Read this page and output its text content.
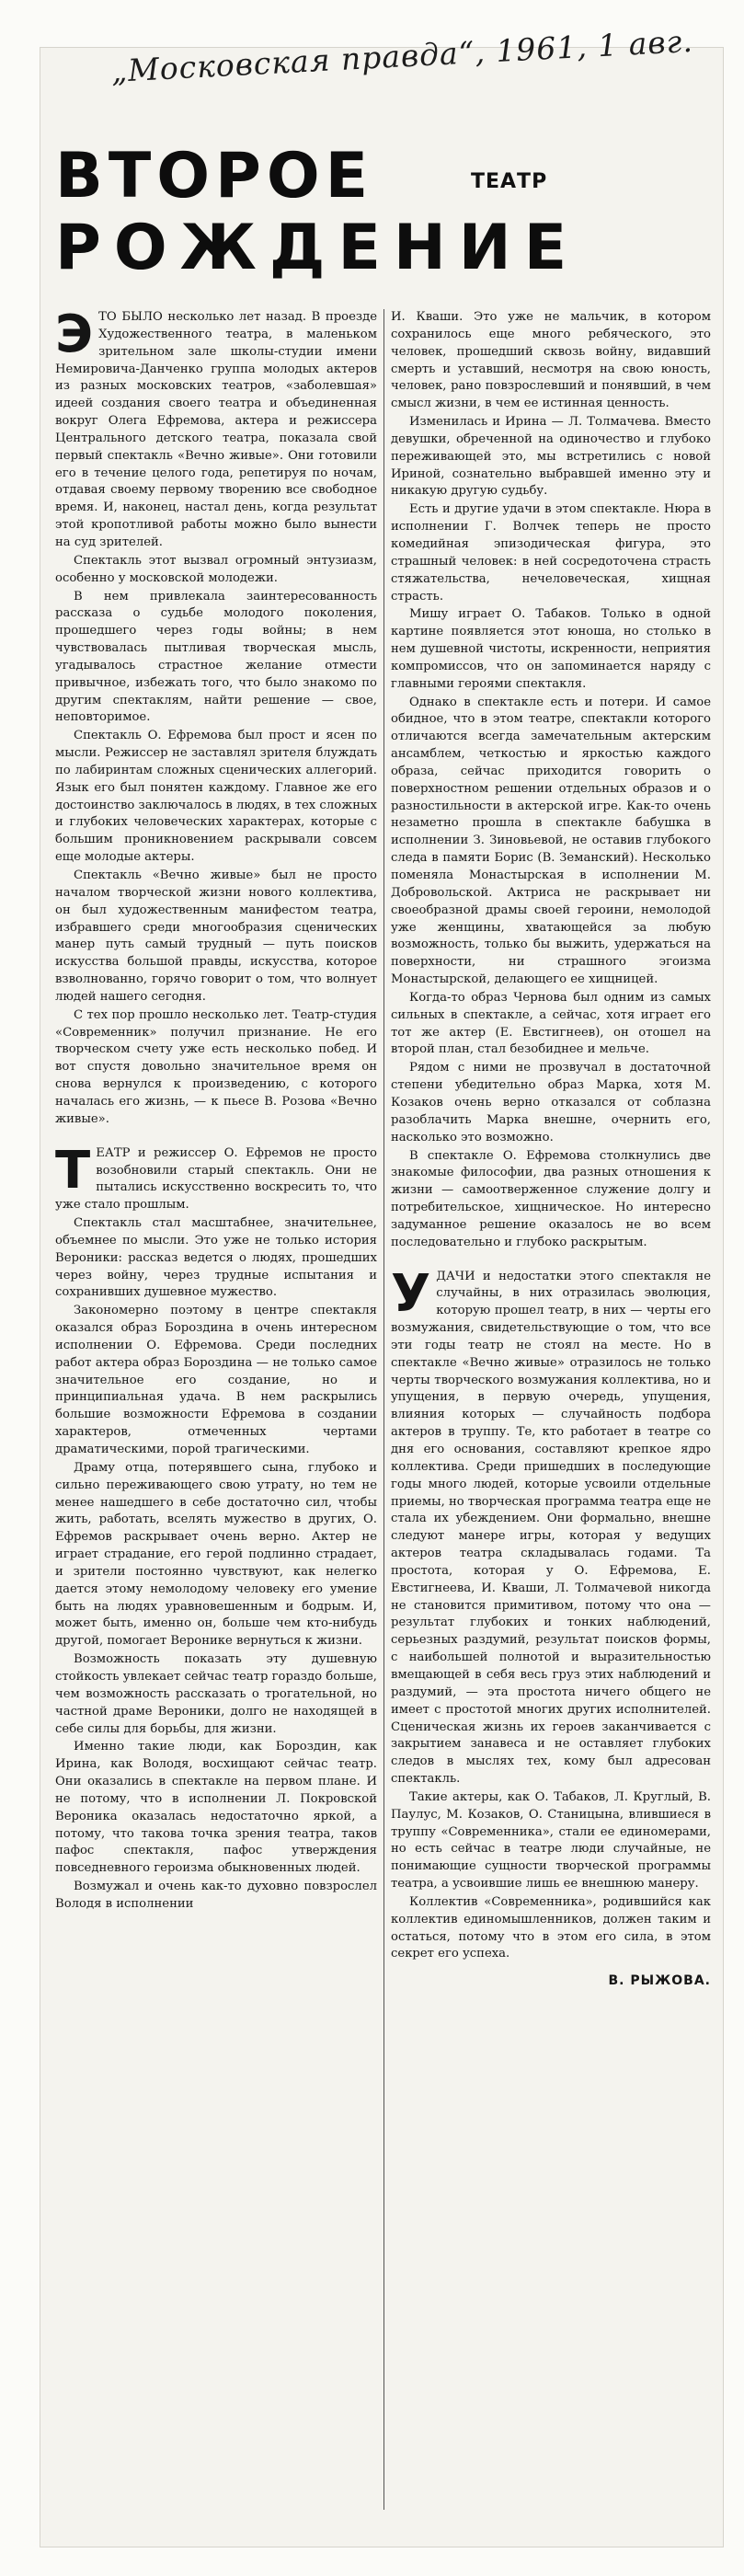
„Московская правда“, 1961, 1 авг.
ВТОРОЕ
РОЖДЕНИЕ
ТЕАТР

ЭТО БЫЛО несколько лет назад. В проезде Художественного театра, в маленьком зрительном зале школы-студии имени Немировича-Данченко группа молодых актеров из разных московских театров, «заболевшая» идеей создания своего театра и объединенная вокруг Олега Ефремова, актера и режиссера Центрального детского театра, показала свой первый спектакль «Вечно живые». Они готовили его в течение целого года, репетируя по ночам, отдавая своему первому творению все свободное время. И, наконец, настал день, когда результат этой кропотливой работы можно было вынести на суд зрителей.

Спектакль этот вызвал огромный энтузиазм, особенно у московской молодежи.

В нем привлекала заинтересованность рассказа о судьбе молодого поколения, прошедшего через годы войны; в нем чувствовалась пытливая творческая мысль, угадывалось страстное желание отмести привычное, избежать того, что было знакомо по другим спектаклям, найти решение — свое, неповторимое.

Спектакль О. Ефремова был прост и ясен по мысли. Режиссер не заставлял зрителя блуждать по лабиринтам сложных сценических аллегорий. Язык его был понятен каждому. Главное же его достоинство заключалось в людях, в тех сложных и глубоких человеческих характерах, которые с большим проникновением раскрывали совсем еще молодые актеры.

Спектакль «Вечно живые» был не просто началом творческой жизни нового коллектива, он был художественным манифестом театра, избравшего среди многообразия сценических манер путь самый трудный — путь поисков искусства большой правды, искусства, которое взволнованно, горячо говорит о том, что волнует людей нашего сегодня.

С тех пор прошло несколько лет. Театр-студия «Современник» получил признание. Не его творческом счету уже есть несколько побед. И вот спустя довольно значительное время он снова вернулся к произведению, с которого началась его жизнь, — к пьесе В. Розова «Вечно живые».

ТЕАТР и режиссер О. Ефремов не просто возобновили старый спектакль. Они не пытались искусственно воскресить то, что уже стало прошлым.

Спектакль стал масштабнее, значительнее, объемнее по мысли. Это уже не только история Вероники: рассказ ведется о людях, прошедших через войну, через трудные испытания и сохранивших душевное мужество.

Закономерно поэтому в центре спектакля оказался образ Бороздина в очень интересном исполнении О. Ефремова. Среди последних работ актера образ Бороздина — не только самое значительное его создание, но и принципиальная удача. В нем раскрылись большие возможности Ефремова в создании характеров, отмеченных чертами драматическими, порой трагическими.

Драму отца, потерявшего сына, глубоко и сильно переживающего свою утрату, но тем не менее нашедшего в себе достаточно сил, чтобы жить, работать, вселять мужество в других, О. Ефремов раскрывает очень верно. Актер не играет страдание, его герой подлинно страдает, и зрители постоянно чувствуют, как нелегко дается этому немолодому человеку его умение быть на людях уравновешенным и бодрым. И, может быть, именно он, больше чем кто-нибудь другой, помогает Веронике вернуться к жизни.

Возможность показать эту душевную стойкость увлекает сейчас театр гораздо больше, чем возможность рассказать о трогательной, но частной драме Вероники, долго не находящей в себе силы для борьбы, для жизни.

Именно такие люди, как Бороздин, как Ирина, как Володя, восхищают сейчас театр. Они оказались в спектакле на первом плане. И не потому, что в исполнении Л. Покровской Вероника оказалась недостаточно яркой, а потому, что такова точка зрения театра, таков пафос спектакля, пафос утверждения повседневного героизма обыкновенных людей.

Возмужал и очень как-то духовно повзрослел Володя в исполнении

И. Кваши. Это уже не мальчик, в котором сохранилось еще много ребяческого, это человек, прошедший сквозь войну, видавший смерть и уставший, несмотря на свою юность, человек, рано повзрослевший и понявший, в чем смысл жизни, в чем ее истинная ценность.

Изменилась и Ирина — Л. Толмачева. Вместо девушки, обреченной на одиночество и глубоко переживающей это, мы встретились с новой Ириной, сознательно выбравшей именно эту и никакую другую судьбу.

Есть и другие удачи в этом спектакле. Нюра в исполнении Г. Волчек теперь не просто комедийная эпизодическая фигура, это страшный человек: в ней сосредоточена страсть стяжательства, нечеловеческая, хищная страсть.

Мишу играет О. Табаков. Только в одной картине появляется этот юноша, но столько в нем душевной чистоты, искренности, неприятия компромиссов, что он запоминается наряду с главными героями спектакля.

Однако в спектакле есть и потери. И самое обидное, что в этом театре, спектакли которого отличаются всегда замечательным актерским ансамблем, четкостью и яркостью каждого образа, сейчас приходится говорить о поверхностном решении отдельных образов и о разностильности в актерской игре. Как-то очень незаметно прошла в спектакле бабушка в исполнении З. Зиновьевой, не оставив глубокого следа в памяти Борис (В. Земанский). Несколько поменяла Монастырская в исполнении М. Добровольской. Актриса не раскрывает ни своеобразной драмы своей героини, немолодой уже женщины, хватающейся за любую возможность, только бы выжить, удержаться на поверхности, ни страшного эгоизма Монастырской, делающего ее хищницей.

Когда-то образ Чернова был одним из самых сильных в спектакле, а сейчас, хотя играет его тот же актер (Е. Евстигнеев), он отошел на второй план, стал безобиднее и мельче.

Рядом с ними не прозвучал в достаточной степени убедительно образ Марка, хотя М. Козаков очень верно отказался от соблазна разоблачить Марка внешне, очернить его, насколько это возможно.

В спектакле О. Ефремова столкнулись две знакомые философии, два разных отношения к жизни — самоотверженное служение долгу и потребительское, хищническое. Но интересно задуманное решение оказалось не во всем последовательно и глубоко раскрытым.

УДАЧИ и недостатки этого спектакля не случайны, в них отразилась эволюция, которую прошел театр, в них — черты его возмужания, свидетельствующие о том, что все эти годы театр не стоял на месте. Но в спектакле «Вечно живые» отразилось не только черты творческого возмужания коллектива, но и упущения, в первую очередь, упущения, влияния которых — случайность подбора актеров в труппу. Те, кто работает в театре со дня его основания, составляют крепкое ядро коллектива. Среди пришедших в последующие годы много людей, которые усвоили отдельные приемы, но творческая программа театра еще не стала их убеждением. Они формально, внешне следуют манере игры, которая у ведущих актеров театра складывалась годами. Та простота, которая у О. Ефремова, Е. Евстигнеева, И. Кваши, Л. Толмачевой никогда не становится примитивом, потому что она — результат глубоких и тонких наблюдений, серьезных раздумий, результат поисков формы, с наибольшей полнотой и выразительностью вмещающей в себя весь груз этих наблюдений и раздумий, — эта простота ничего общего не имеет с простотой многих других исполнителей. Сценическая жизнь их героев заканчивается с закрытием занавеса и не оставляет глубоких следов в мыслях тех, кому был адресован спектакль.

Такие актеры, как О. Табаков, Л. Круглый, В. Паулус, М. Козаков, О. Станицына, влившиеся в труппу «Современника», стали ее единомерами, но есть сейчас в театре люди случайные, не понимающие сущности творческой программы театра, а усвоившие лишь ее внешнюю манеру.

Коллектив «Современника», родившийся как коллектив единомышленников, должен таким и остаться, потому что в этом его сила, в этом секрет его успеха.

В. РЫЖОВА.
